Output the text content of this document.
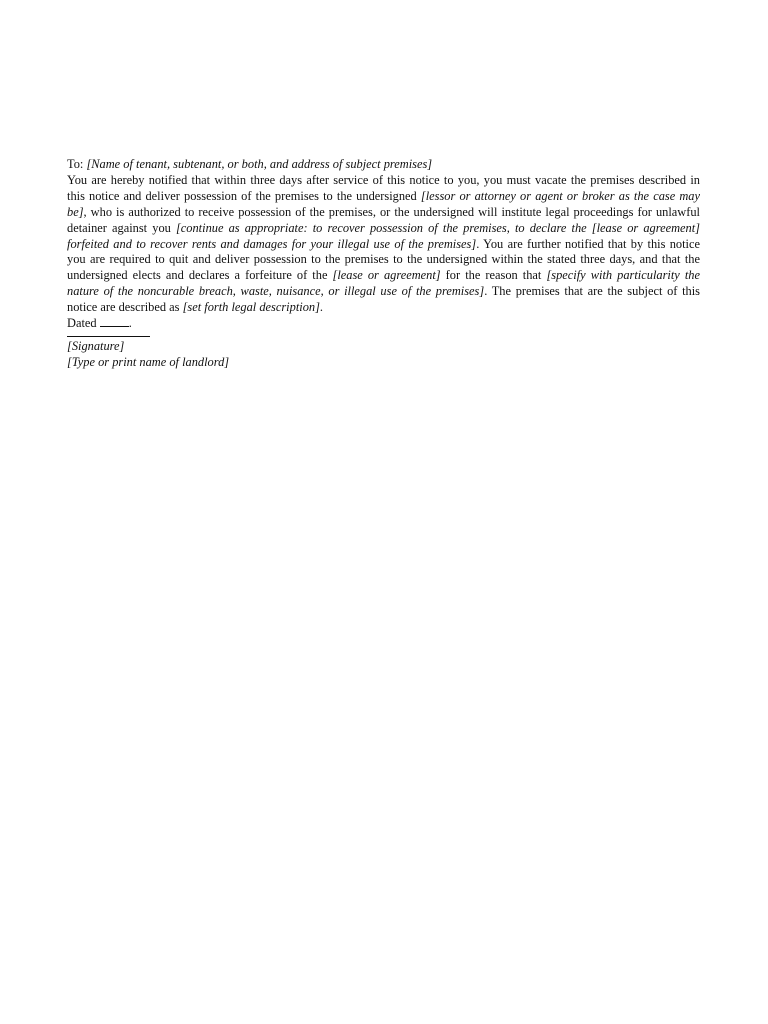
To: [Name of tenant, subtenant, or both, and address of subject premises]
You are hereby notified that within three days after service of this notice to you, you must vacate the premises described in
this notice and deliver possession of the premises to the undersigned [lessor or attorney or agent or broker as the case may
be], who is authorized to receive possession of the premises, or the undersigned will institute legal proceedings for unlawful
detainer against you [continue as appropriate: to recover possession of the premises, to declare the [lease or agreement]
forfeited and to recover rents and damages for your illegal use of the premises]. You are further notified that by this notice
you are required to quit and deliver possession to the premises to the undersigned within the stated three days, and that the
undersigned elects and declares a forfeiture of the [lease or agreement] for the reason that [specify with particularity the
nature of the noncurable breach, waste, nuisance, or illegal use of the premises]. The premises that are the subject of this
notice are described as [set forth legal description].
Dated	.
[Signature]
[Type or print name of landlord]
